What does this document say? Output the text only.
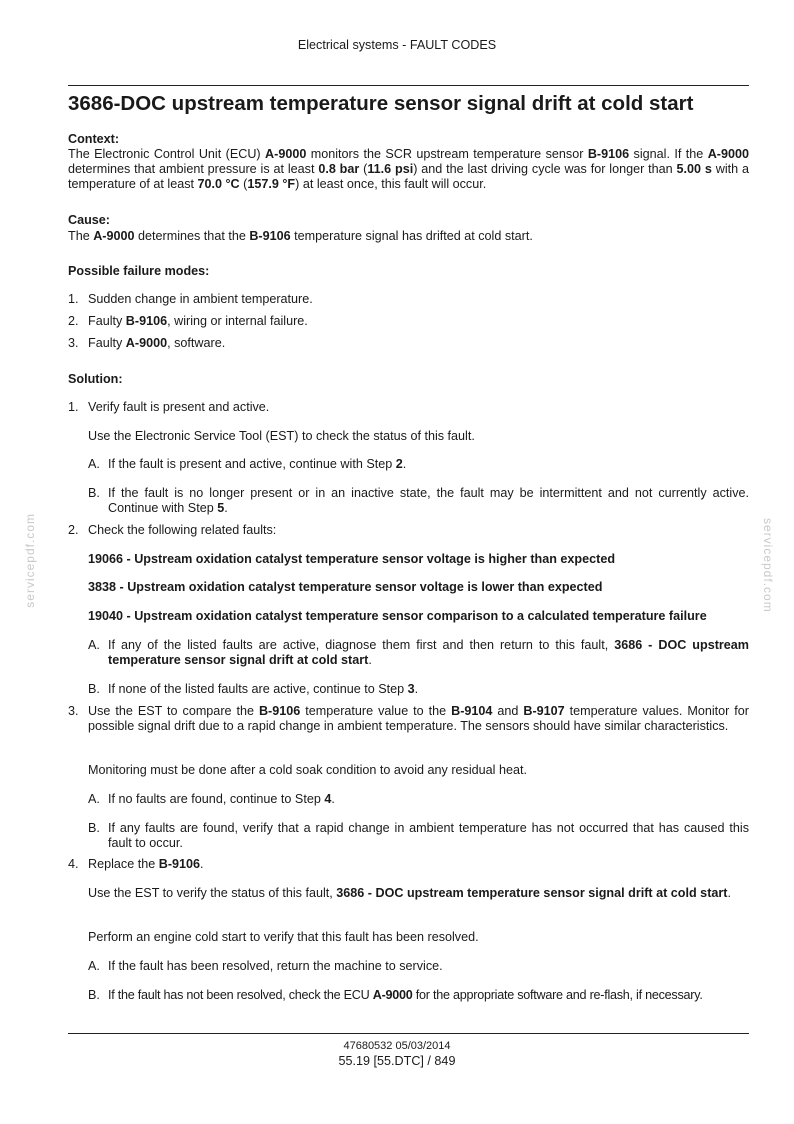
Electrical systems - FAULT CODES
3686-DOC upstream temperature sensor signal drift at cold start
Context:
The Electronic Control Unit (ECU) A-9000 monitors the SCR upstream temperature sensor B-9106 signal. If the A-9000 determines that ambient pressure is at least 0.8 bar (11.6 psi) and the last driving cycle was for longer than 5.00 s with a temperature of at least 70.0 °C (157.9 °F) at least once, this fault will occur.
Cause:
The A-9000 determines that the B-9106 temperature signal has drifted at cold start.
Possible failure modes:
1. Sudden change in ambient temperature.
2. Faulty B-9106, wiring or internal failure.
3. Faulty A-9000, software.
Solution:
1. Verify fault is present and active.
Use the Electronic Service Tool (EST) to check the status of this fault.
A. If the fault is present and active, continue with Step 2.
B. If the fault is no longer present or in an inactive state, the fault may be intermittent and not currently active. Continue with Step 5.
2. Check the following related faults:
19066 - Upstream oxidation catalyst temperature sensor voltage is higher than expected
3838 - Upstream oxidation catalyst temperature sensor voltage is lower than expected
19040 - Upstream oxidation catalyst temperature sensor comparison to a calculated temperature failure
A. If any of the listed faults are active, diagnose them first and then return to this fault, 3686 - DOC upstream temperature sensor signal drift at cold start.
B. If none of the listed faults are active, continue to Step 3.
3. Use the EST to compare the B-9106 temperature value to the B-9104 and B-9107 temperature values. Monitor for possible signal drift due to a rapid change in ambient temperature. The sensors should have similar characteristics.
Monitoring must be done after a cold soak condition to avoid any residual heat.
A. If no faults are found, continue to Step 4.
B. If any faults are found, verify that a rapid change in ambient temperature has not occurred that has caused this fault to occur.
4. Replace the B-9106.
Use the EST to verify the status of this fault, 3686 - DOC upstream temperature sensor signal drift at cold start.
Perform an engine cold start to verify that this fault has been resolved.
A. If the fault has been resolved, return the machine to service.
B. If the fault has not been resolved, check the ECU A-9000 for the appropriate software and re-flash, if necessary.
servicepdf.com	servicepdf.com
47680532 05/03/2014
55.19 [55.DTC] / 849
